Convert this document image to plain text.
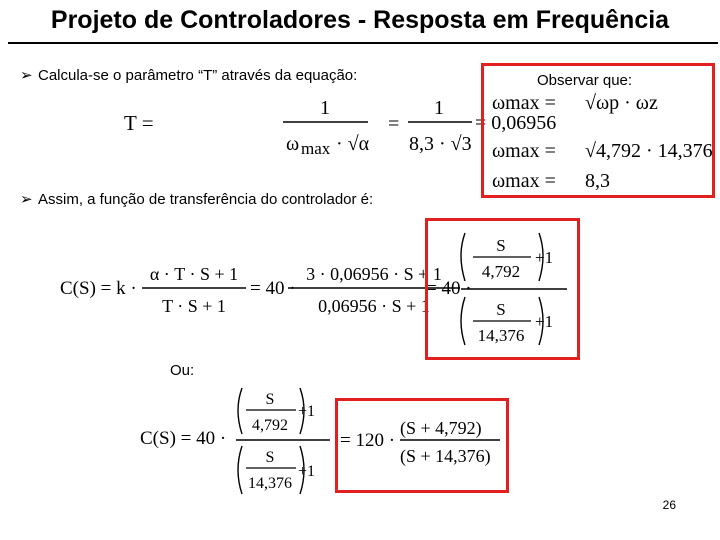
Projeto de Controladores - Resposta em Frequência
➢ Calcula-se o parâmetro “T” através da equação:
T =
1
ω max · √α
=
1
8,3 · √3
= 0,06956
Observar que:
ωmax = √ωp · ωz
ωmax = √4,792 · 14,376
ωmax = 8,3
➢ Assim, a função de transferência do controlador é:
C(S) = k ·
α · T · S + 1
T · S + 1
= 40 ·
3 · 0,06956 · S + 1
0,06956 · S + 1
= 40 ·
S
4,792
+1
S
14,376
+1
Ou:
C(S) = 40 ·
S
4,792
+1
S
14,376
+1
= 120 ·
(S + 4,792)
(S + 14,376)
26
